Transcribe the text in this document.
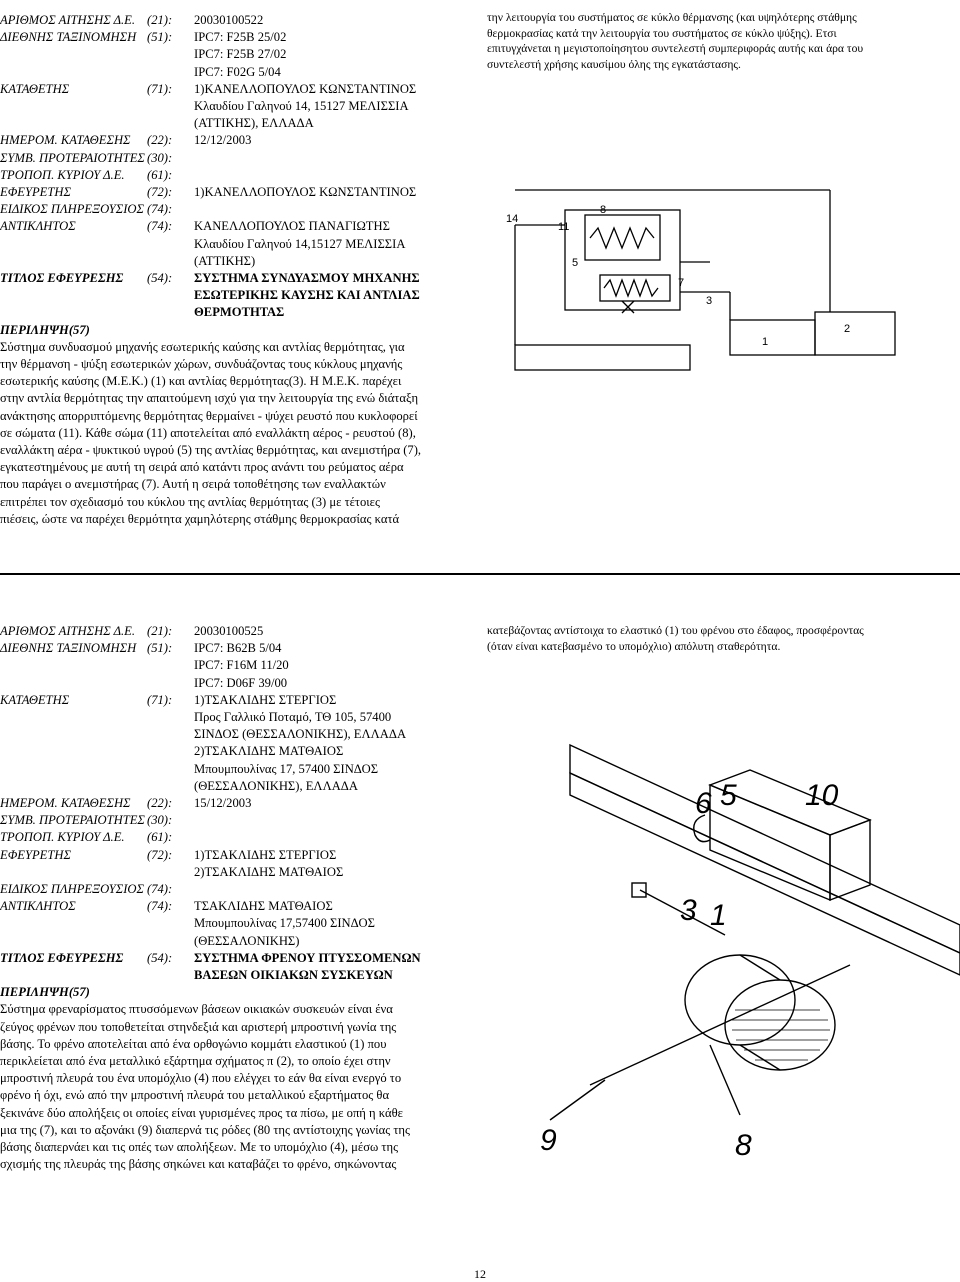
ΑΡΙΘΜΟΣ ΑΙΤΗΣΗΣ Δ.Ε. (21):	20030100522
ΔΙΕΘΝΗΣ ΤΑΞΙΝΟΜΗΣΗ (51):	IPC7: F25B 25/02
IPC7: F25B 27/02
IPC7: F02G 5/04
ΚΑΤΑΘΕΤΗΣ	(71):	1)ΚΑΝΕΛΛΟΠΟΥΛΟΣ ΚΩΝΣΤΑΝΤΙΝΟΣ
Κλαυδίου Γαληνού 14, 15127 ΜΕΛΙΣΣΙΑ
(ΑΤΤΙΚΗΣ), ΕΛΛΑΔΑ
ΗΜΕΡΟΜ. ΚΑΤΑΘΕΣΗΣ	(22):	12/12/2003
ΣΥΜΒ. ΠΡΟΤΕΡΑΙΟΤΗΤΕΣ (30):
ΤΡΟΠΟΠ. ΚΥΡΙΟΥ Δ.Ε.	(61):
ΕΦΕΥΡΕΤΗΣ	(72):	1)ΚΑΝΕΛΛΟΠΟΥΛΟΣ ΚΩΝΣΤΑΝΤΙΝΟΣ
ΕΙΔΙΚΟΣ ΠΛΗΡΕΞΟΥΣΙΟΣ (74):
ΑΝΤΙΚΛΗΤΟΣ	(74):	ΚΑΝΕΛΛΟΠΟΥΛΟΣ ΠΑΝΑΓΙΩΤΗΣ
Κλαυδίου Γαληνού 14,15127 ΜΕΛΙΣΣΙΑ
(ΑΤΤΙΚΗΣ)
ΤΙΤΛΟΣ ΕΦΕΥΡΕΣΗΣ	(54):	ΣΥΣΤΗΜΑ ΣΥΝΔΥΑΣΜΟΥ ΜΗΧΑΝΗΣ
ΕΣΩΤΕΡΙΚΗΣ ΚΑΥΣΗΣ ΚΑΙ ΑΝΤΛΙΑΣ
ΘΕΡΜΟΤΗΤΑΣ
ΠΕΡΙΛΗΨΗ(57)
Σύστημα συνδυασμού μηχανής εσωτερικής καύσης και αντλίας θερμότητας, για
την θέρμανση - ψύξη εσωτερικών χώρων, συνδυάζοντας τους κύκλους μηχανής
εσωτερικής καύσης (Μ.Ε.Κ.) (1) και αντλίας θερμότητας(3). Η Μ.Ε.Κ. παρέχει
στην αντλία θερμότητας την απαιτούμενη ισχύ για την λειτουργία της ενώ διάταξη
ανάκτησης απορριπτόμενης θερμότητας θερμαίνει - ψύχει ρευστό που κυκλοφορεί
σε σώματα (11). Κάθε σώμα (11) αποτελείται από εναλλάκτη αέρος - ρευστού (8),
εναλλάκτη αέρα - ψυκτικού υγρού (5) της αντλίας θερμότητας, και ανεμιστήρα (7),
εγκατεστημένους με αυτή τη σειρά από κατάντι προς ανάντι του ρεύματος αέρα
που παράγει ο ανεμιστήρας (7). Αυτή η σειρά τοποθέτησης των εναλλακτών
επιτρέπει τον σχεδιασμό του κύκλου της αντλίας θερμότητας (3) με τέτοιες
πιέσεις, ώστε να παρέχει θερμότητα χαμηλότερης στάθμης θερμοκρασίας κατά
την λειτουργία του συστήματος σε κύκλο θέρμανσης (και υψηλότερης στάθμης
θερμοκρασίας κατά την λειτουργία του συστήματος σε κύκλο ψύξης). Ετσι
επιτυγχάνεται η μεγιστοποίησητου συντελεστή συμπεριφοράς αυτής και άρα του
συντελεστή χρήσης καυσίμου όλης της εγκατάστασης.
14
11
8
5
7
3
1
2
ΑΡΙΘΜΟΣ ΑΙΤΗΣΗΣ Δ.Ε. (21):	20030100525
ΔΙΕΘΝΗΣ ΤΑΞΙΝΟΜΗΣΗ (51):	IPC7: B62B 5/04
IPC7: F16M 11/20
IPC7: D06F 39/00
ΚΑΤΑΘΕΤΗΣ	(71):	1)ΤΣΑΚΛΙΔΗΣ ΣΤΕΡΓΙΟΣ
Προς Γαλλικό Ποταμό, ΤΘ 105, 57400
ΣΙΝΔΟΣ (ΘΕΣΣΑΛΟΝΙΚΗΣ), ΕΛΛΑΔΑ
2)ΤΣΑΚΛΙΔΗΣ ΜΑΤΘΑΙΟΣ
Μπουμπουλίνας 17, 57400 ΣΙΝΔΟΣ
(ΘΕΣΣΑΛΟΝΙΚΗΣ), ΕΛΛΑΔΑ
ΗΜΕΡΟΜ. ΚΑΤΑΘΕΣΗΣ	(22):	15/12/2003
ΣΥΜΒ. ΠΡΟΤΕΡΑΙΟΤΗΤΕΣ (30):
ΤΡΟΠΟΠ. ΚΥΡΙΟΥ Δ.Ε.	(61):
ΕΦΕΥΡΕΤΗΣ	(72):	1)ΤΣΑΚΛΙΔΗΣ ΣΤΕΡΓΙΟΣ
2)ΤΣΑΚΛΙΔΗΣ ΜΑΤΘΑΙΟΣ
ΕΙΔΙΚΟΣ ΠΛΗΡΕΞΟΥΣΙΟΣ (74):
ΑΝΤΙΚΛΗΤΟΣ	(74):	ΤΣΑΚΛΙΔΗΣ ΜΑΤΘΑΙΟΣ
Μπουμπουλίνας 17,57400 ΣΙΝΔΟΣ
(ΘΕΣΣΑΛΟΝΙΚΗΣ)
ΤΙΤΛΟΣ ΕΦΕΥΡΕΣΗΣ	(54):	ΣΥΣΤΗΜΑ ΦΡΕΝΟΥ ΠΤΥΣΣΟΜΕΝΩΝ
ΒΑΣΕΩΝ ΟΙΚΙΑΚΩΝ ΣΥΣΚΕΥΩΝ
ΠΕΡΙΛΗΨΗ(57)
Σύστημα φρεναρίσματος πτυσσόμενων βάσεων οικιακών συσκευών είναι ένα
ζεύγος φρένων που τοποθετείται στηνδεξιά και αριστερή μπροστινή γωνία της
βάσης. Το φρένο αποτελείται από ένα ορθογώνιο κομμάτι ελαστικού (1) που
περικλείεται από ένα μεταλλικό εξάρτημα σχήματος π (2), το οποίο έχει στην
μπροστινή πλευρά του ένα υπομόχλιο (4) που ελέγχει το εάν θα είναι ενεργό το
φρένο ή όχι, ενώ από την μπροστινή πλευρά του μεταλλικού εξαρτήματος θα
ξεκινάνε δύο απολήξεις οι οποίες είναι γυρισμένες προς τα πίσω, με οπή η κάθε
μια της (7), και το αξονάκι (9) διαπερνά τις ρόδες (80 της αντίστοιχης γωνίας της
βάσης διαπερνάει και τις οπές των απολήξεων. Με το υπομόχλιο (4), μέσω της
σχισμής της πλευράς της βάσης σηκώνει και καταβάζει το φρένο, σηκώνοντας
κατεβάζοντας αντίστοιχα το ελαστικό (1) του φρένου στο έδαφος, προσφέροντας
(όταν είναι κατεβασμένο το υπομόχλιο) απόλυτη σταθερότητα.
6 5 10
3 1
9	8
12
